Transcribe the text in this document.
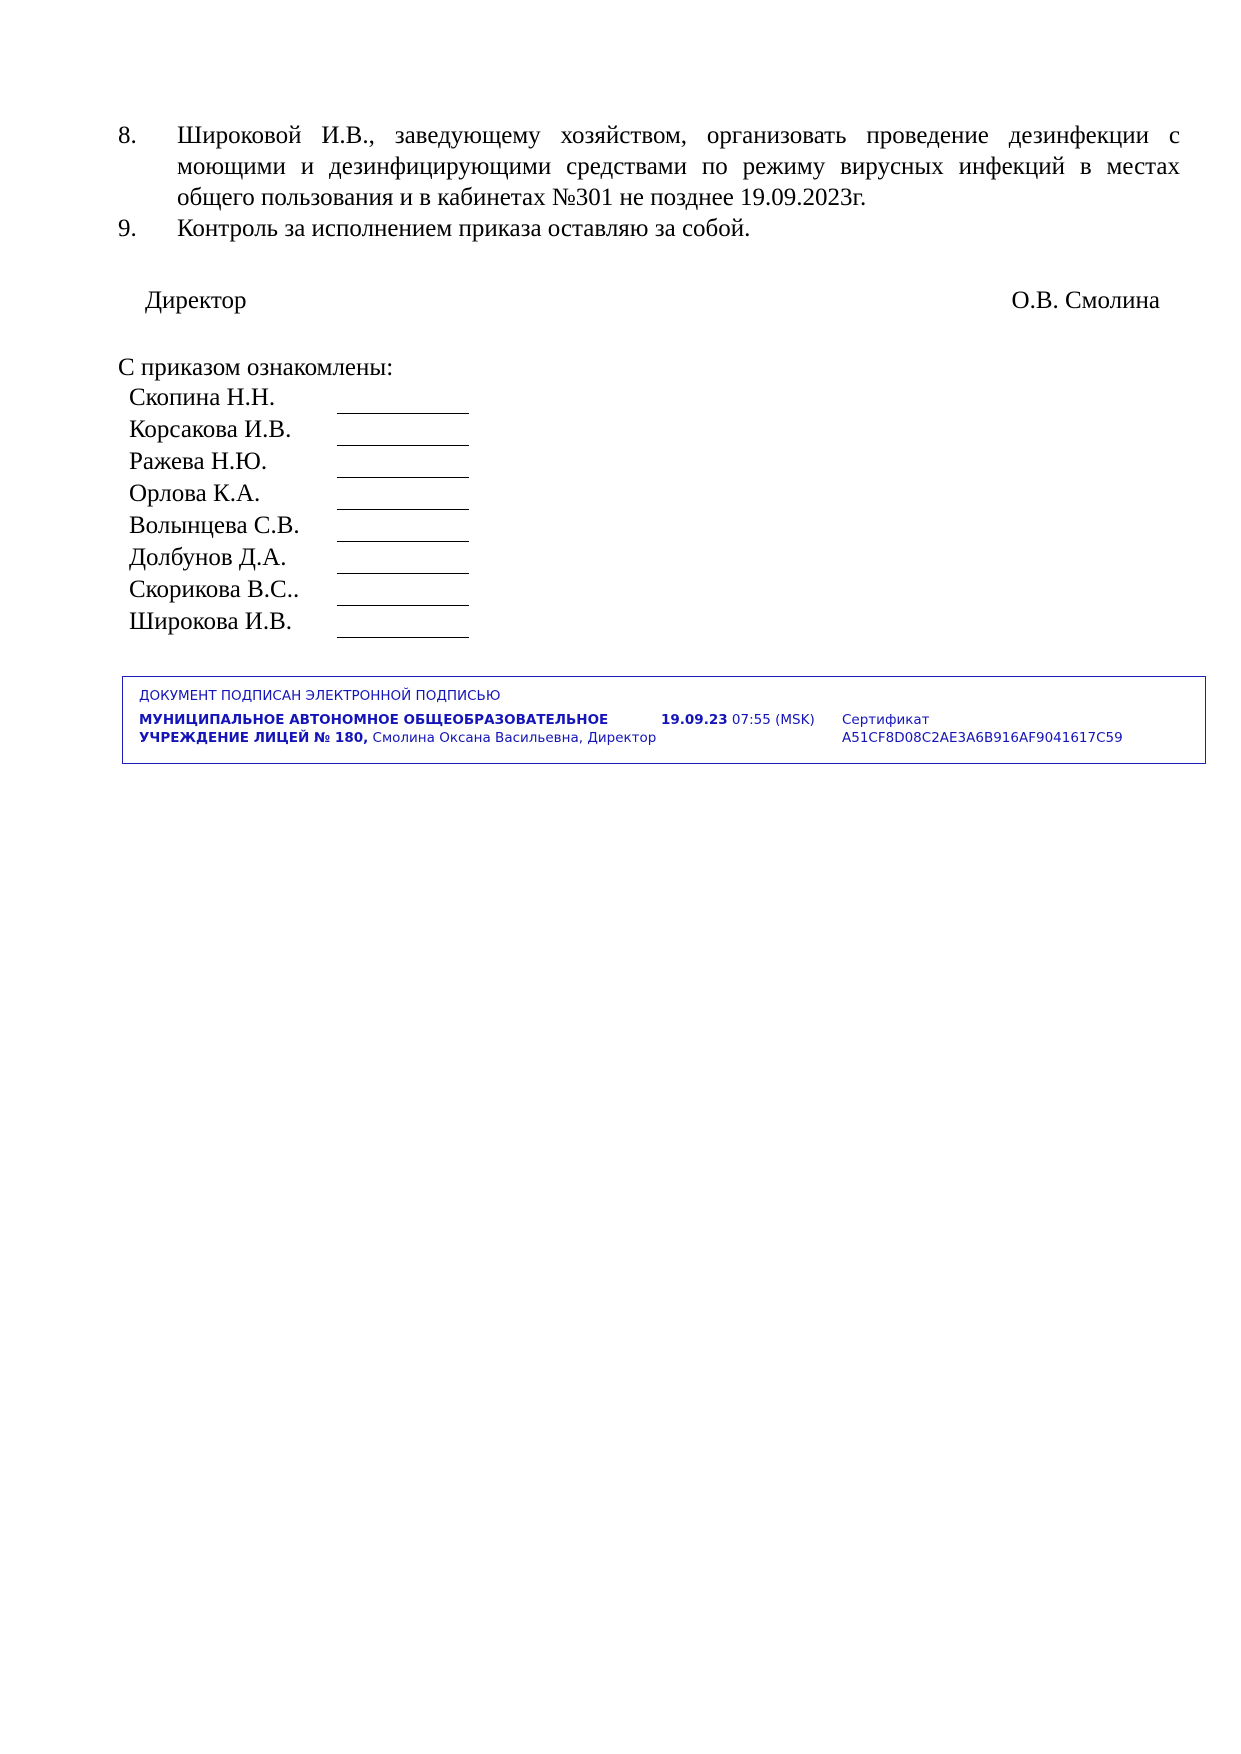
8.	Широковой И.В., заведующему хозяйством, организовать проведение дезинфекции с моющими и дезинфицирующими средствами по режиму вирусных инфекций в местах общего пользования и в кабинетах №301 не позднее 19.09.2023г.
9.	Контроль за исполнением приказа оставляю за собой.
Директор	О.В. Смолина
С приказом ознакомлены:
Скопина Н.Н.
Корсакова И.В.
Ражева Н.Ю.
Орлова К.А.
Волынцева С.В.
Долбунов Д.А.
Скорикова В.С..
Широкова И.В.
ДОКУМЕНТ ПОДПИСАН ЭЛЕКТРОННОЙ ПОДПИСЬЮ
МУНИЦИПАЛЬНОЕ АВТОНОМНОЕ ОБЩЕОБРАЗОВАТЕЛЬНОЕ УЧРЕЖДЕНИЕ ЛИЦЕЙ № 180, Смолина Оксана Васильевна, Директор
19.09.23 07:55 (MSK) Сертификат A51CF8D08C2AE3A6B916AF9041617C59
